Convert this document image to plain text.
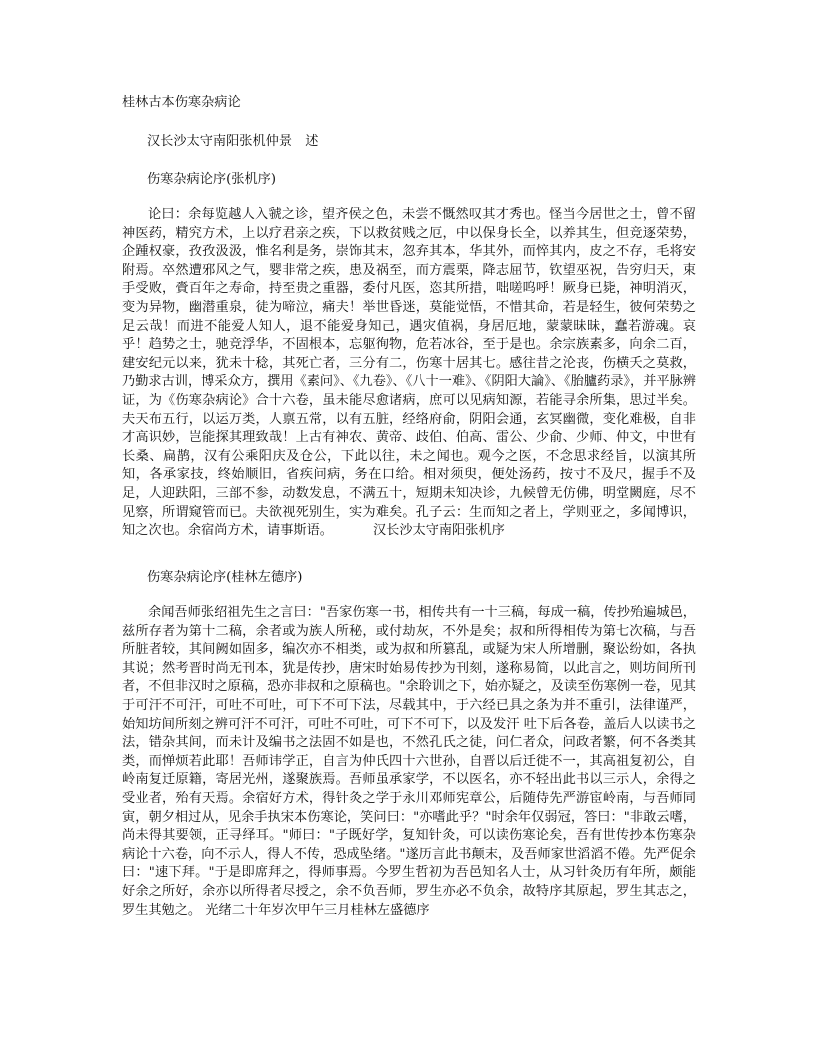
桂林古本伤寒杂病论
汉长沙太守南阳张机仲景　述
伤寒杂病论序(张机序)

论曰：余每览越人入虢之诊，望齐侯之色，未尝不慨然叹其才秀也。怪当今居世之士，曾不留神医药，精究方术，上以疗君亲之疾，下以救贫贱之厄，中以保身长全，以养其生，但竞逐荣势，企踵权豪，孜孜汲汲，惟名利是务，崇饰其末，忽弃其本，华其外，而悴其内，皮之不存，毛将安附焉。卒然遭邪风之气，婴非常之疾，患及祸至，而方震栗，降志屈节，钦望巫祝，告穷归天，束手受败，賫百年之寿命，持至贵之重器，委付凡医，恣其所措，咄嗟呜呼！厥身已毙，神明消灭，变为异物，幽潜重泉，徒为啼泣，痛夫！举世昏迷，莫能觉悟，不惜其命，若是轻生，彼何荣势之足云哉！而进不能爱人知人，退不能爱身知己，遇灾值祸，身居厄地，蒙蒙昧昧，蠢若游魂。哀乎！趋势之士，驰竞浮华，不固根本，忘躯徇物，危若冰谷，至于是也。余宗族素多，向余二百，建安纪元以来，犹未十稔，其死亡者，三分有二，伤寒十居其七。感往昔之沦丧，伤横夭之莫救，乃勤求古训，博采众方，撰用《素问》、《九卷》、《八十一难》、《阴阳大論》、《胎臚药录》，并平脉辨证，为《伤寒杂病论》合十六卷，虽未能尽愈诸病，庶可以见病知源，若能寻余所集，思过半矣。夫天布五行，以运万类，人禀五常，以有五脏，经络府俞，阴阳会通，玄冥幽微，变化难极，自非才高识妙，岂能探其理致哉！上古有神农、黄帝、歧伯、伯高、雷公、少俞、少师、仲文，中世有长桑、扁鹊，汉有公乘阳庆及仓公，下此以往，未之闻也。观今之医，不念思求经旨，以演其所知，各承家技，终始顺旧，省疾问病，务在口给。相对须臾，便处汤药，按寸不及尺，握手不及足，人迎趺阳，三部不参，动数发息，不满五十，短期未知决诊，九候曾无仿佛，明堂闕庭，尽不见察，所谓窥管而已。夫欲视死别生，实为难矣。孔子云：生而知之者上，学则亚之，多闻博识，知之次也。余宿尚方术，请事斯语。	汉长沙太守南阳张机序

伤寒杂病论序(桂林左德序)

余闻吾师张绍祖先生之言曰："吾家伤寒一书，相传共有一十三稿，每成一稿，传抄殆遍城邑，兹所存者为第十二稿，余者或为族人所秘，或付劫灰，不外是矣；叔和所得相传为第七次稿，与吾所脏者较，其间阙如固多，编次亦不相类，或为叔和所篡乱，或疑为宋人所增删，聚讼纷如，各执其说；然考晋时尚无刊本，犹是传抄，唐宋时始易传抄为刊刻，遂称易简，以此言之，则坊间所刊者，不但非汉时之原稿，恐亦非叔和之原稿也。"余聆训之下，始亦疑之，及读至伤寒例一卷，见其于可汗不可汗，可吐不可吐，可下不可下法，尽载其中，于六经已具之条为并不重引，法律谨严，始知坊间所刻之辨可汗不可汗，可吐不可吐，可下不可下，以及发汗 吐下后各卷，盖后人以读书之法，错杂其间，而未计及编书之法固不如是也，不然孔氏之徒，问仁者众，问政者繁，何不各类其类，而惮烦若此耶！吾师讳学正，自言为仲氏四十六世孙，自晋以后迁徙不一，其高祖复初公，自岭南复迁原籍，寄居光州，遂聚族焉。吾师虽承家学，不以医名，亦不轻出此书以三示人，余得之受业者，殆有天焉。余宿好方术，得针灸之学于永川邓师宪章公，后随侍先严游宦岭南，与吾师同寅，朝夕相过从，见余手执宋本伤寒论，笑问曰："亦嗜此乎？"时余年仅弱冠，答曰："非敢云嗜，尚未得其要领，正寻绎耳。"师曰："子既好学，复知针灸，可以读伤寒论矣，吾有世传抄本伤寒杂病论十六卷，向不示人，得人不传，恐成坠绪。"遂历言此书颠末，及吾师家世滔滔不倦。先严促余曰："速下拜。"于是即席拜之，得师事焉。今罗生哲初为吾邑知名人士，从习针灸历有年所，颇能好余之所好，余亦以所得者尽授之，余不负吾师，罗生亦必不负余，故特序其原起，罗生其志之，罗生其勉之。 光绪二十年岁次甲午三月桂林左盛德序
